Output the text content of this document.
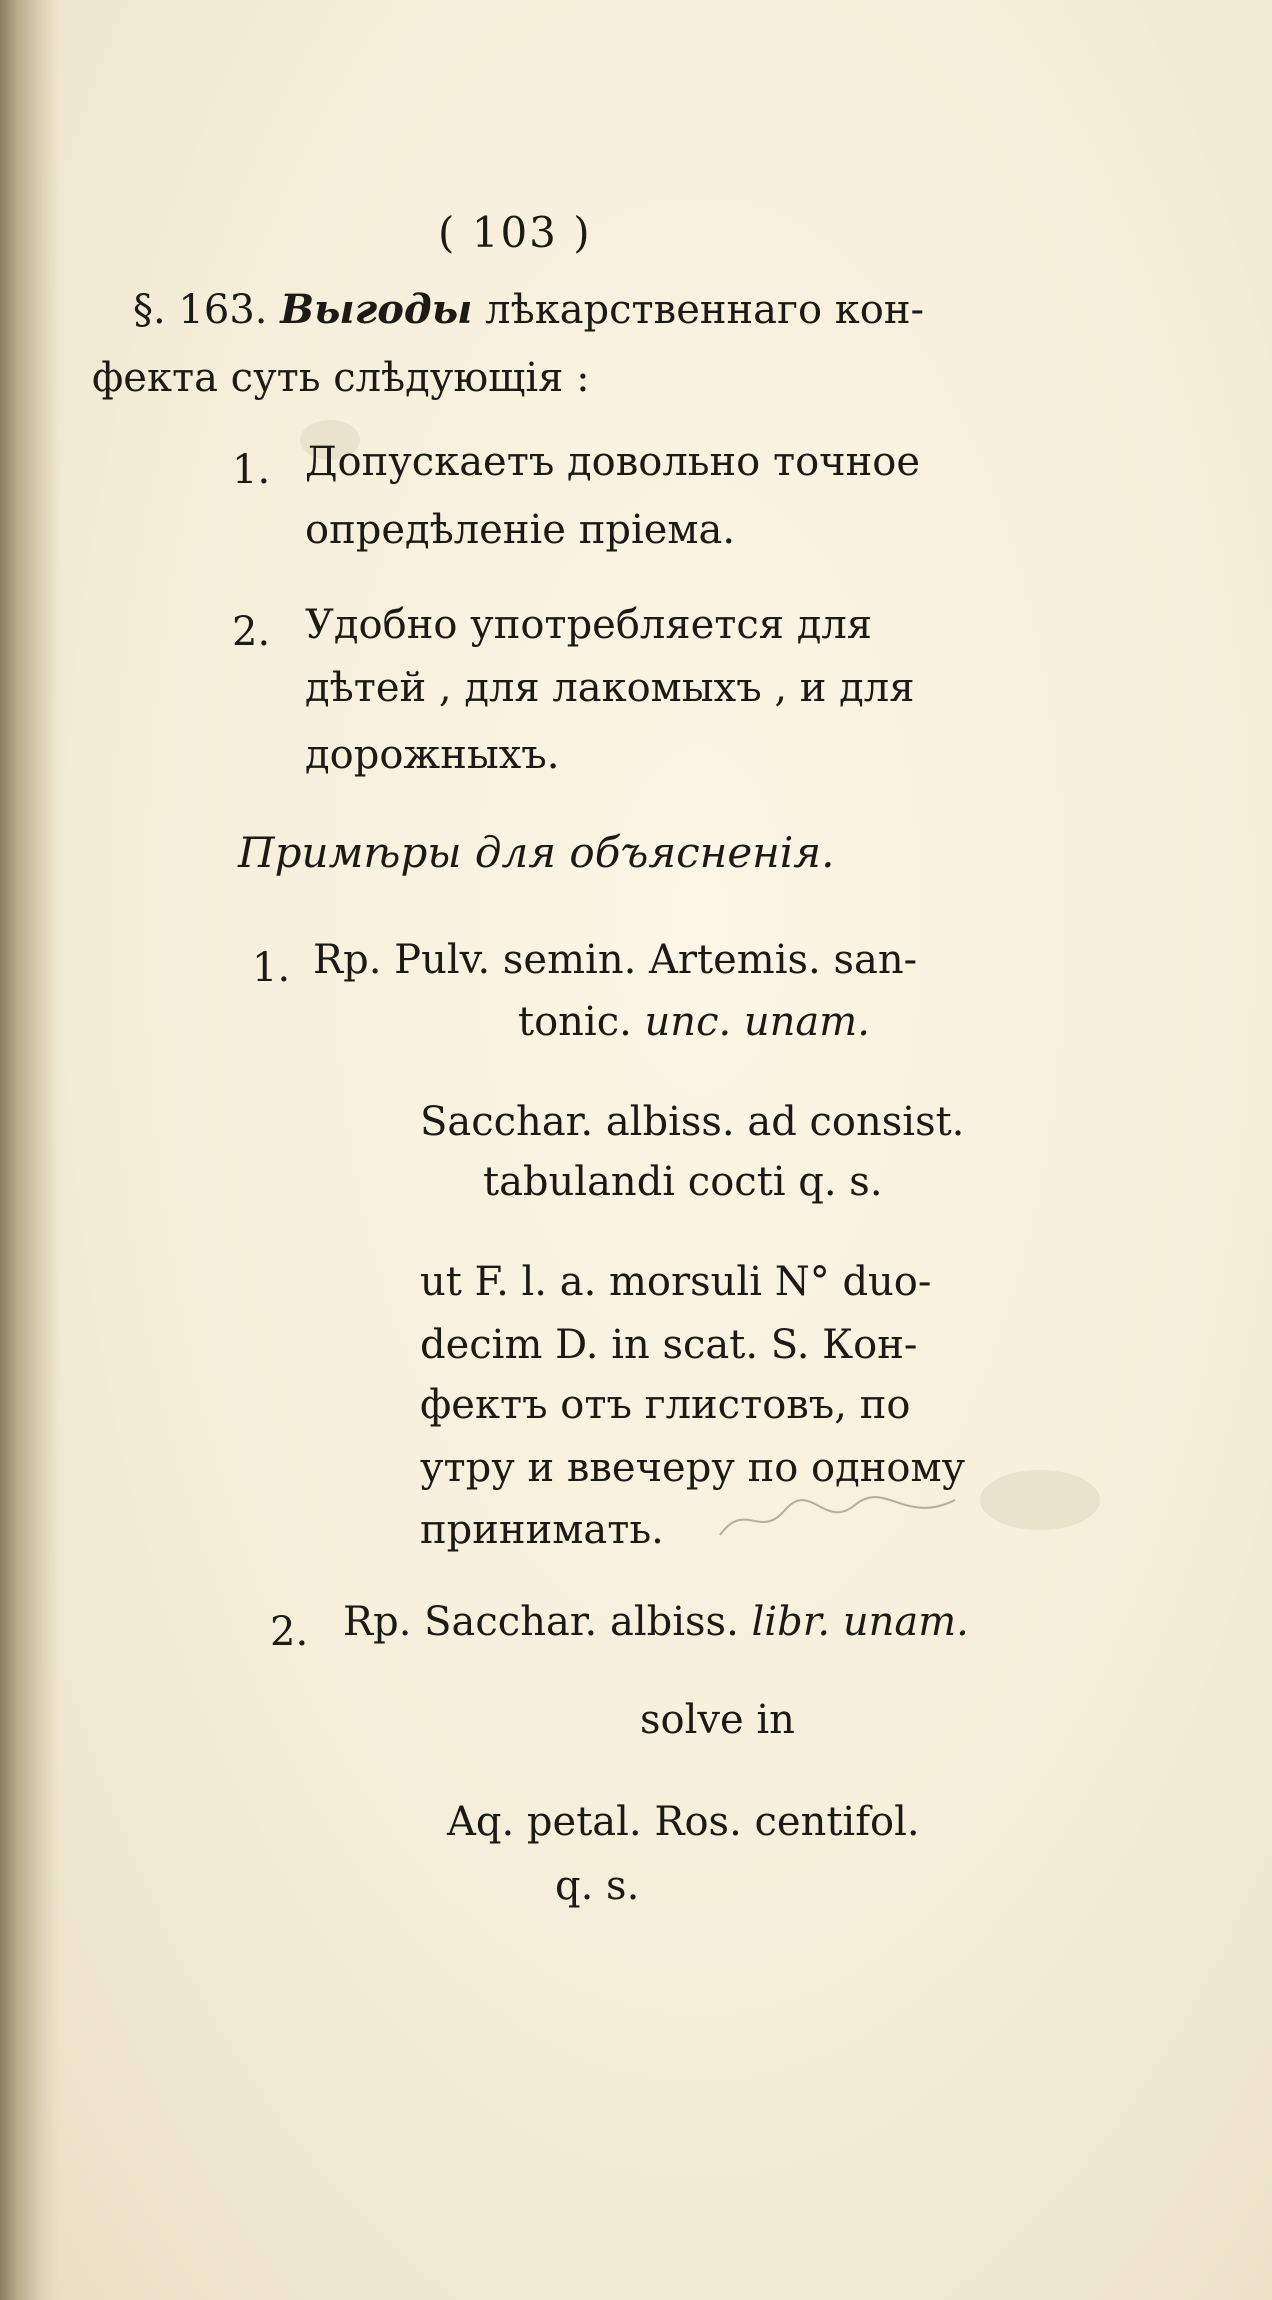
( 103 )
§. 163. Выгоды лѣкарственнаго кон-
фекта суть слѣдующія :
1. Допускаетъ довольно точное
опредѣленіе пріема.
2. Удобно употребляется для
дѣтей , для лакомыхъ , и для
дорожныхъ.
Примѣры для объясненія.
1. Rp. Pulv. semin. Artemis. san-
tonic. unc. unam.
Sacchar. albiss. ad consist.
tabulandi cocti q. s.
ut F. l. a. morsuli N° duo-
decim D. in scat. S. Кон-
фектъ отъ глистовъ, по
утру и ввечеру по одному
принимать.
2. Rp. Sacchar. albiss. libr. unam.
solve in
Aq. petal. Ros. centifol.
q. s.
